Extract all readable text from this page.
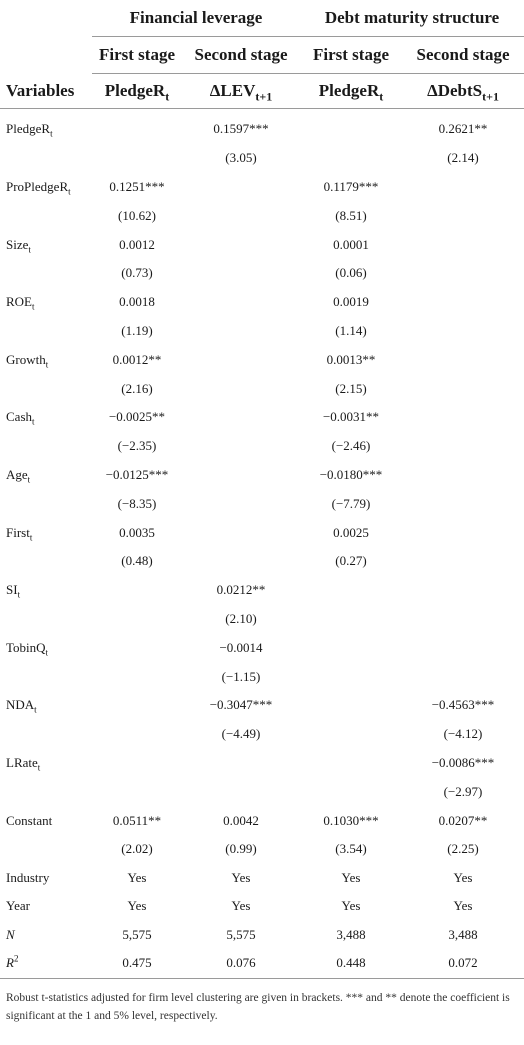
	Financial leverage		Debt maturity structure	
	First stage	Second stage	First stage	Second stage
Variables	PledgeR$_t$	$\Delta LEV_{t+1}$	PledgeR$_t$	ΔDebtS$_{t+1}$

PledgeR$_t$		0.1597***		0.2621**
		(3.05)		(2.14)
ProPledgeR$_t$	0.1251***		0.1179***	
	(10.62)		(8.51)	
Size$_t$	0.0012		0.0001	
	(0.73)		(0.06)	
$ROE_t$	0.0018		0.0019	
	(1.19)		(1.14)	
Growth$_t$	0.0012**		0.0013**	
	(2.16)		(2.15)	
Cash$_t$	−0.0025**		−0.0031**	
	(−2.35)		(−2.46)	
Age$_t$	−0.0125***		−0.0180***	
	(−8.35)		(−7.79)	
First$_t$	0.0035		0.0025	
	(0.48)		(0.27)	
$SI_t$		0.0212**		
		(2.10)		
TobinQ$_t$		−0.0014		
		(−1.15)		
$NDA_t$		−0.3047***		−0.4563***
		(−4.49)		(−4.12)
LRate$_t$				−0.0086***
				(−2.97)
Constant	0.0511**	0.0042	0.1030***	0.0207**
	(2.02)	(0.99)	(3.54)	(2.25)
Industry	Yes	Yes	Yes	Yes
Year	Yes	Yes	Yes	Yes
N	5,575	5,575	3,488	3,488
$R^2$	0.475	0.076	0.448	0.072
Robust t-statistics adjusted for firm level clustering are given in brackets. *** and ** denote the coefficient is significant at the 1 and 5% level, respectively.
